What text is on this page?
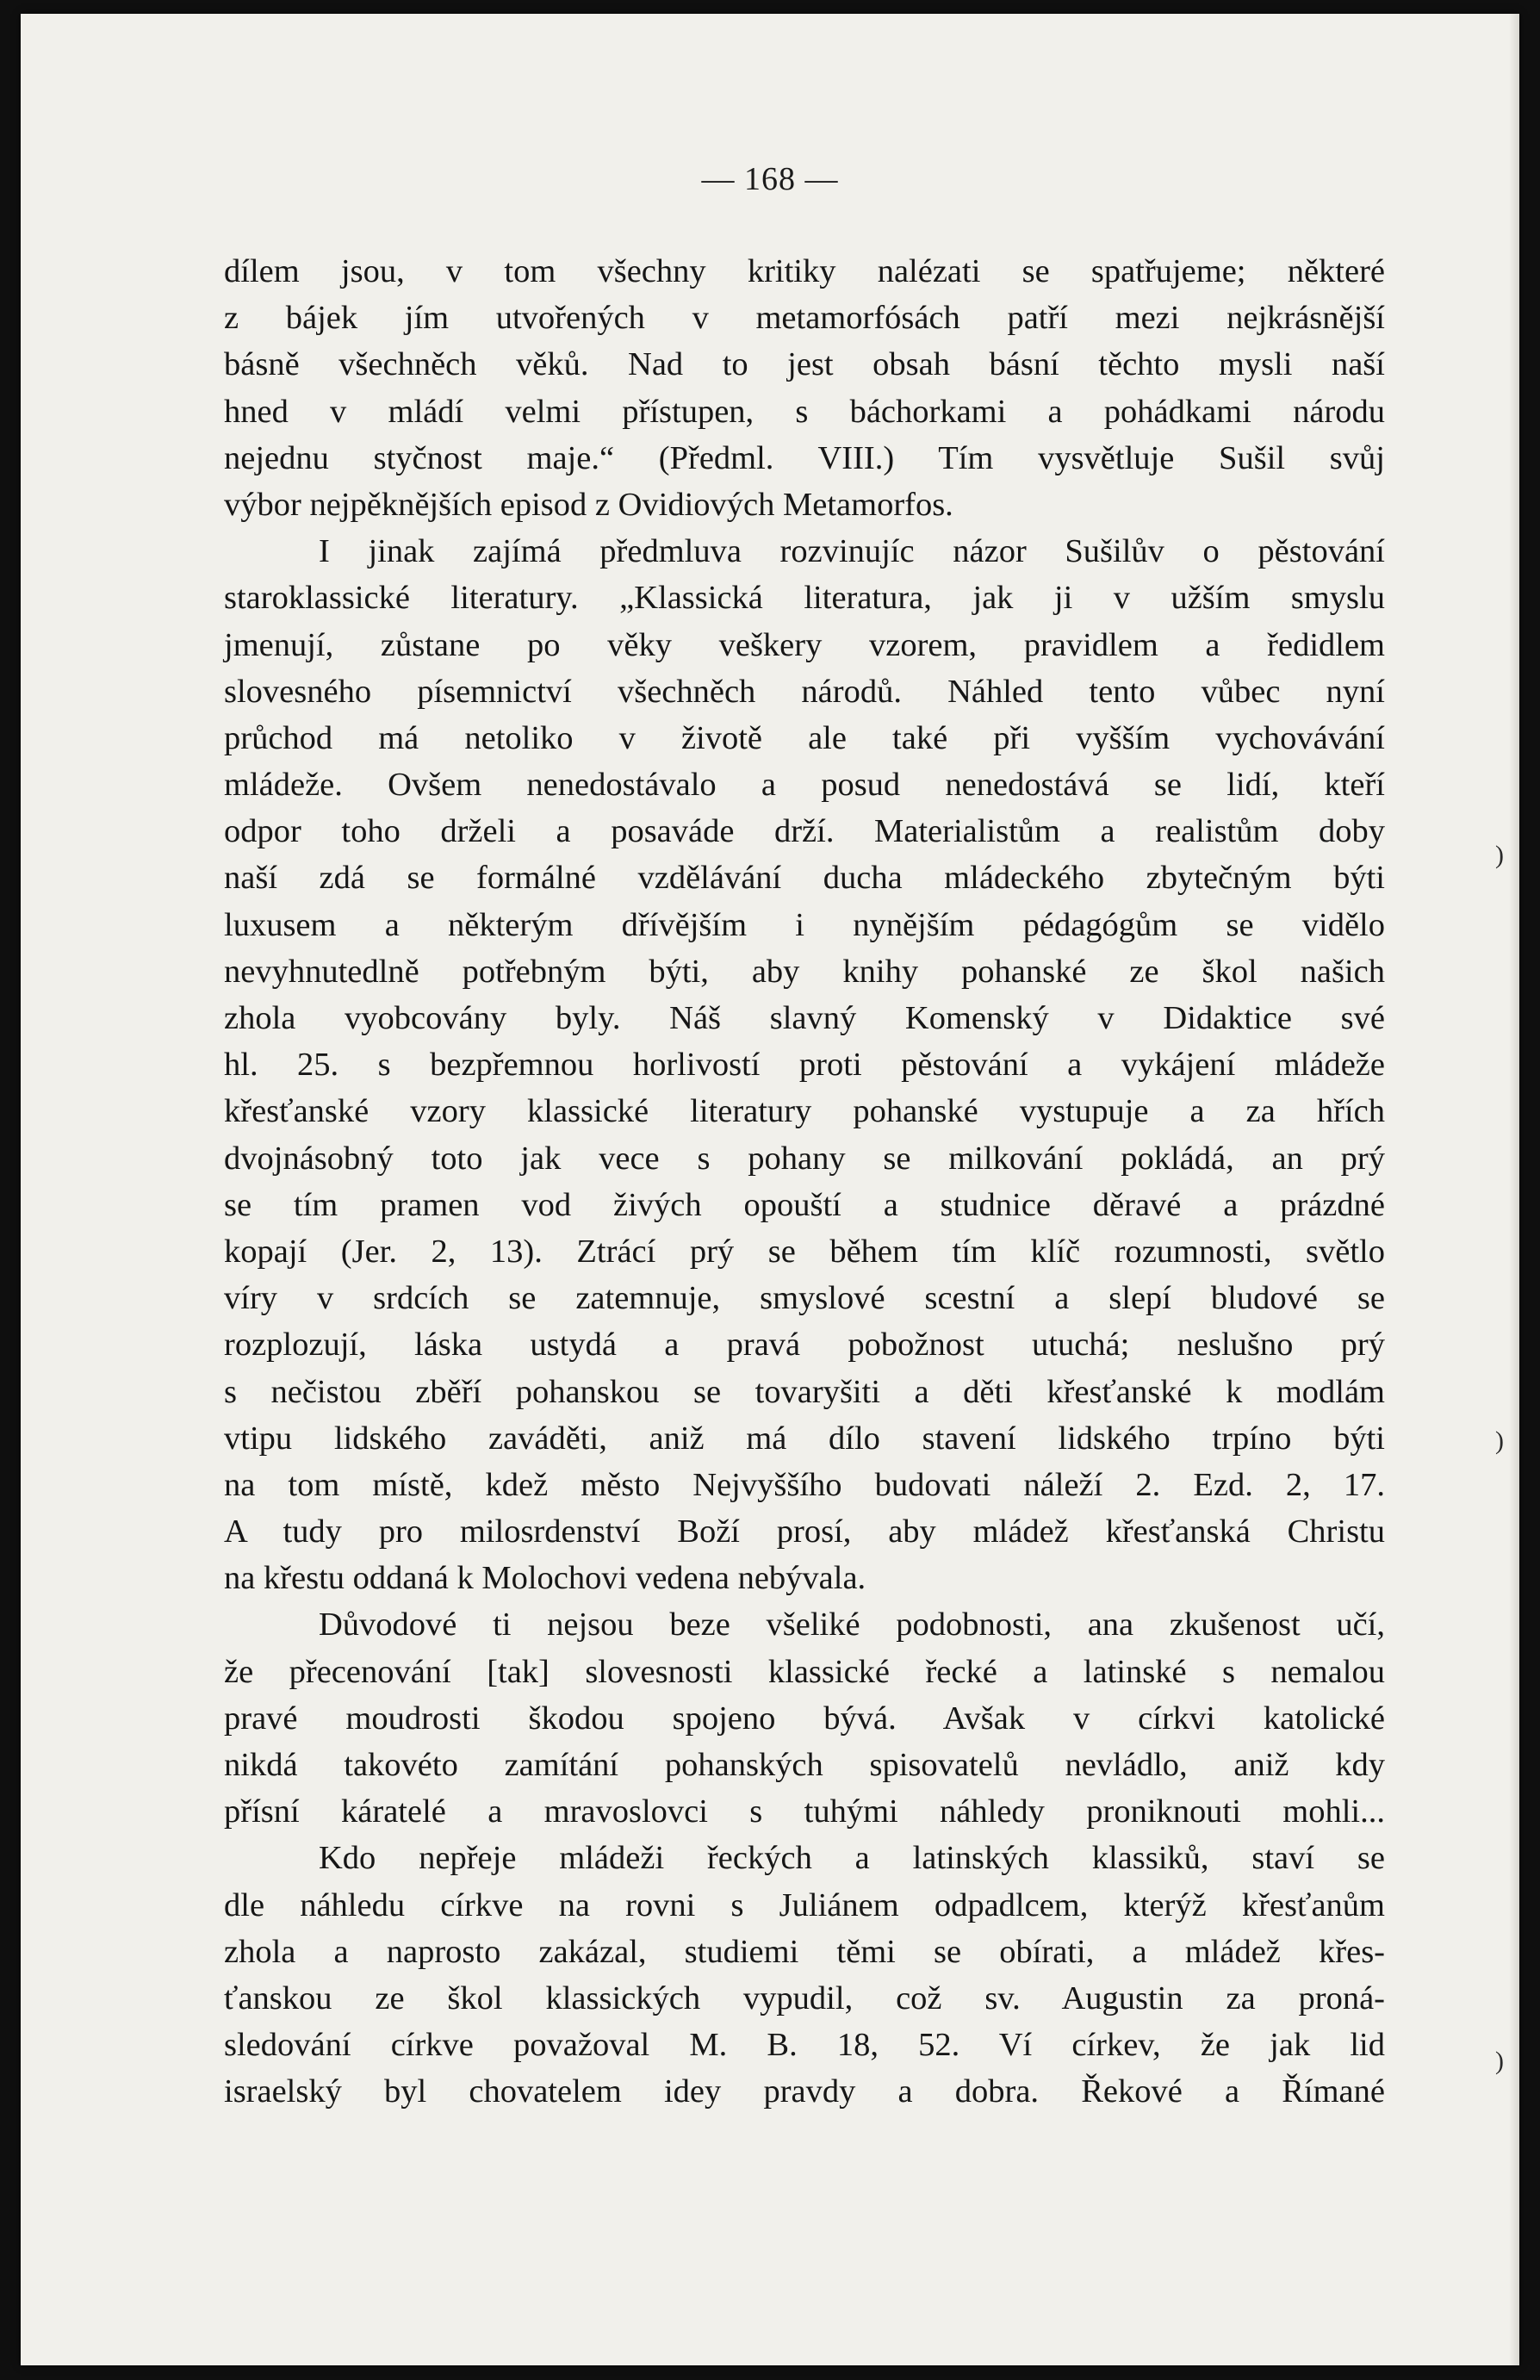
— 168 —
dílem jsou, v tom všechny kritiky nalézati se spatřujeme; některé
z bájek jím utvořených v metamorfósách patří mezi nejkrásnější
básně všechněch věků. Nad to jest obsah básní těchto mysli naší
hned v mládí velmi přístupen, s báchorkami a pohádkami národu
nejednu styčnost maje.“ (Předml. VIII.) Tím vysvětluje Sušil svůj
výbor nejpěknějších episod z Ovidiových Metamorfos.
I jinak zajímá předmluva rozvinujíc názor Sušilův o pěstování
staroklassické literatury. „Klassická literatura, jak ji v užším smyslu
jmenují, zůstane po věky veškery vzorem, pravidlem a ředidlem
slovesného písemnictví všechněch národů. Náhled tento vůbec nyní
průchod má netoliko v životě ale také při vyšším vychovávání
mládeže. Ovšem nenedostávalo a posud nenedostává se lidí, kteří
odpor toho drželi a posaváde drží. Materialistům a realistům doby
naší zdá se formálné vzdělávání ducha mládeckého zbytečným býti
luxusem a některým dřívějším i nynějším pédagógům se vidělo
nevyhnutedlně potřebným býti, aby knihy pohanské ze škol našich
zhola vyobcovány byly. Náš slavný Komenský v Didaktice své
hl. 25. s bezpřemnou horlivostí proti pěstování a vykájení mládeže
křesťanské vzory klassické literatury pohanské vystupuje a za hřích
dvojnásobný toto jak vece s pohany se milkování pokládá, an prý
se tím pramen vod živých opouští a studnice děravé a prázdné
kopají (Jer. 2, 13). Ztrácí prý se během tím klíč rozumnosti, světlo
víry v srdcích se zatemnuje, smyslové scestní a slepí bludové se
rozplozují, láska ustydá a pravá pobožnost utuchá; neslušno prý
s nečistou zběří pohanskou se tovaryšiti a děti křesťanské k modlám
vtipu lidského zaváděti, aniž má dílo stavení lidského trpíno býti
na tom místě, kdež město Nejvyššího budovati náleží 2. Ezd. 2, 17.
A tudy pro milosrdenství Boží prosí, aby mládež křesťanská Christu
na křestu oddaná k Molochovi vedena nebývala.
Důvodové ti nejsou beze všeliké podobnosti, ana zkušenost učí,
že přecenování [tak] slovesnosti klassické řecké a latinské s nemalou
pravé moudrosti škodou spojeno bývá. Avšak v církvi katolické
nikdá takovéto zamítání pohanských spisovatelů nevládlo, aniž kdy
přísní káratelé a mravoslovci s tuhými náhledy proniknouti mohli...
Kdo nepřeje mládeži řeckých a latinských klassiků, staví se
dle náhledu církve na rovni s Juliánem odpadlcem, kterýž křesťanům
zhola a naprosto zakázal, studiemi těmi se obírati, a mládež křes-
ťanskou ze škol klassických vypudil, což sv. Augustin za proná-
sledování církve považoval M. B. 18, 52. Ví církev, že jak lid
israelský byl chovatelem idey pravdy a dobra. Řekové a Římané
)
)
)
